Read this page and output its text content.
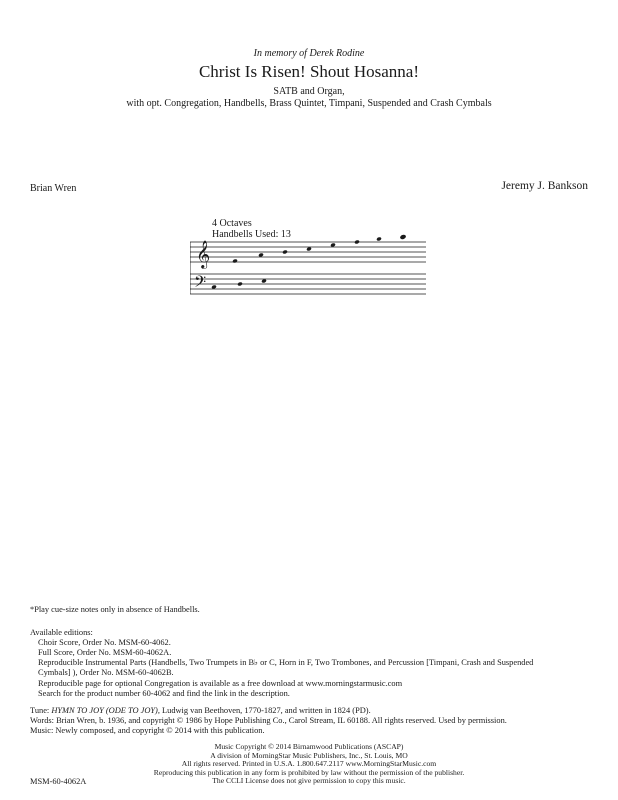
In memory of Derek Rodine
Christ Is Risen! Shout Hosanna!
SATB and Organ,
with opt. Congregation, Handbells, Brass Quintet, Timpani, Suspended and Crash Cymbals
Brian Wren	Jeremy J. Bankson
4 Octaves
Handbells Used: 13
𝄞
𝄢
*Play cue-size notes only in absence of Handbells.
Available editions:
Choir Score, Order No. MSM-60-4062.
Full Score, Order No. MSM-60-4062A.
Reproducible Instrumental Parts (Handbells, Two Trumpets in B♭ or C, Horn in F, Two Trombones, and Percussion [Timpani, Crash and Suspended
Cymbals] ), Order No. MSM-60-4062B.
Reproducible page for optional Congregation is available as a free download at www.morningstarmusic.com
Search for the product number 60-4062 and find the link in the description.
Tune: HYMN TO JOY (ODE TO JOY), Ludwig van Beethoven, 1770-1827, and written in 1824 (PD).
Words: Brian Wren, b. 1936, and copyright © 1986 by Hope Publishing Co., Carol Stream, IL 60188. All rights reserved. Used by permission.
Music: Newly composed, and copyright © 2014 with this publication.
Music Copyright © 2014 Birnamwood Publications (ASCAP)
A division of MorningStar Music Publishers, Inc., St. Louis, MO
All rights reserved. Printed in U.S.A. 1.800.647.2117 www.MorningStarMusic.com
Reproducing this publication in any form is prohibited by law without the permission of the publisher.
The CCLI License does not give permission to copy this music.
MSM-60-4062A
